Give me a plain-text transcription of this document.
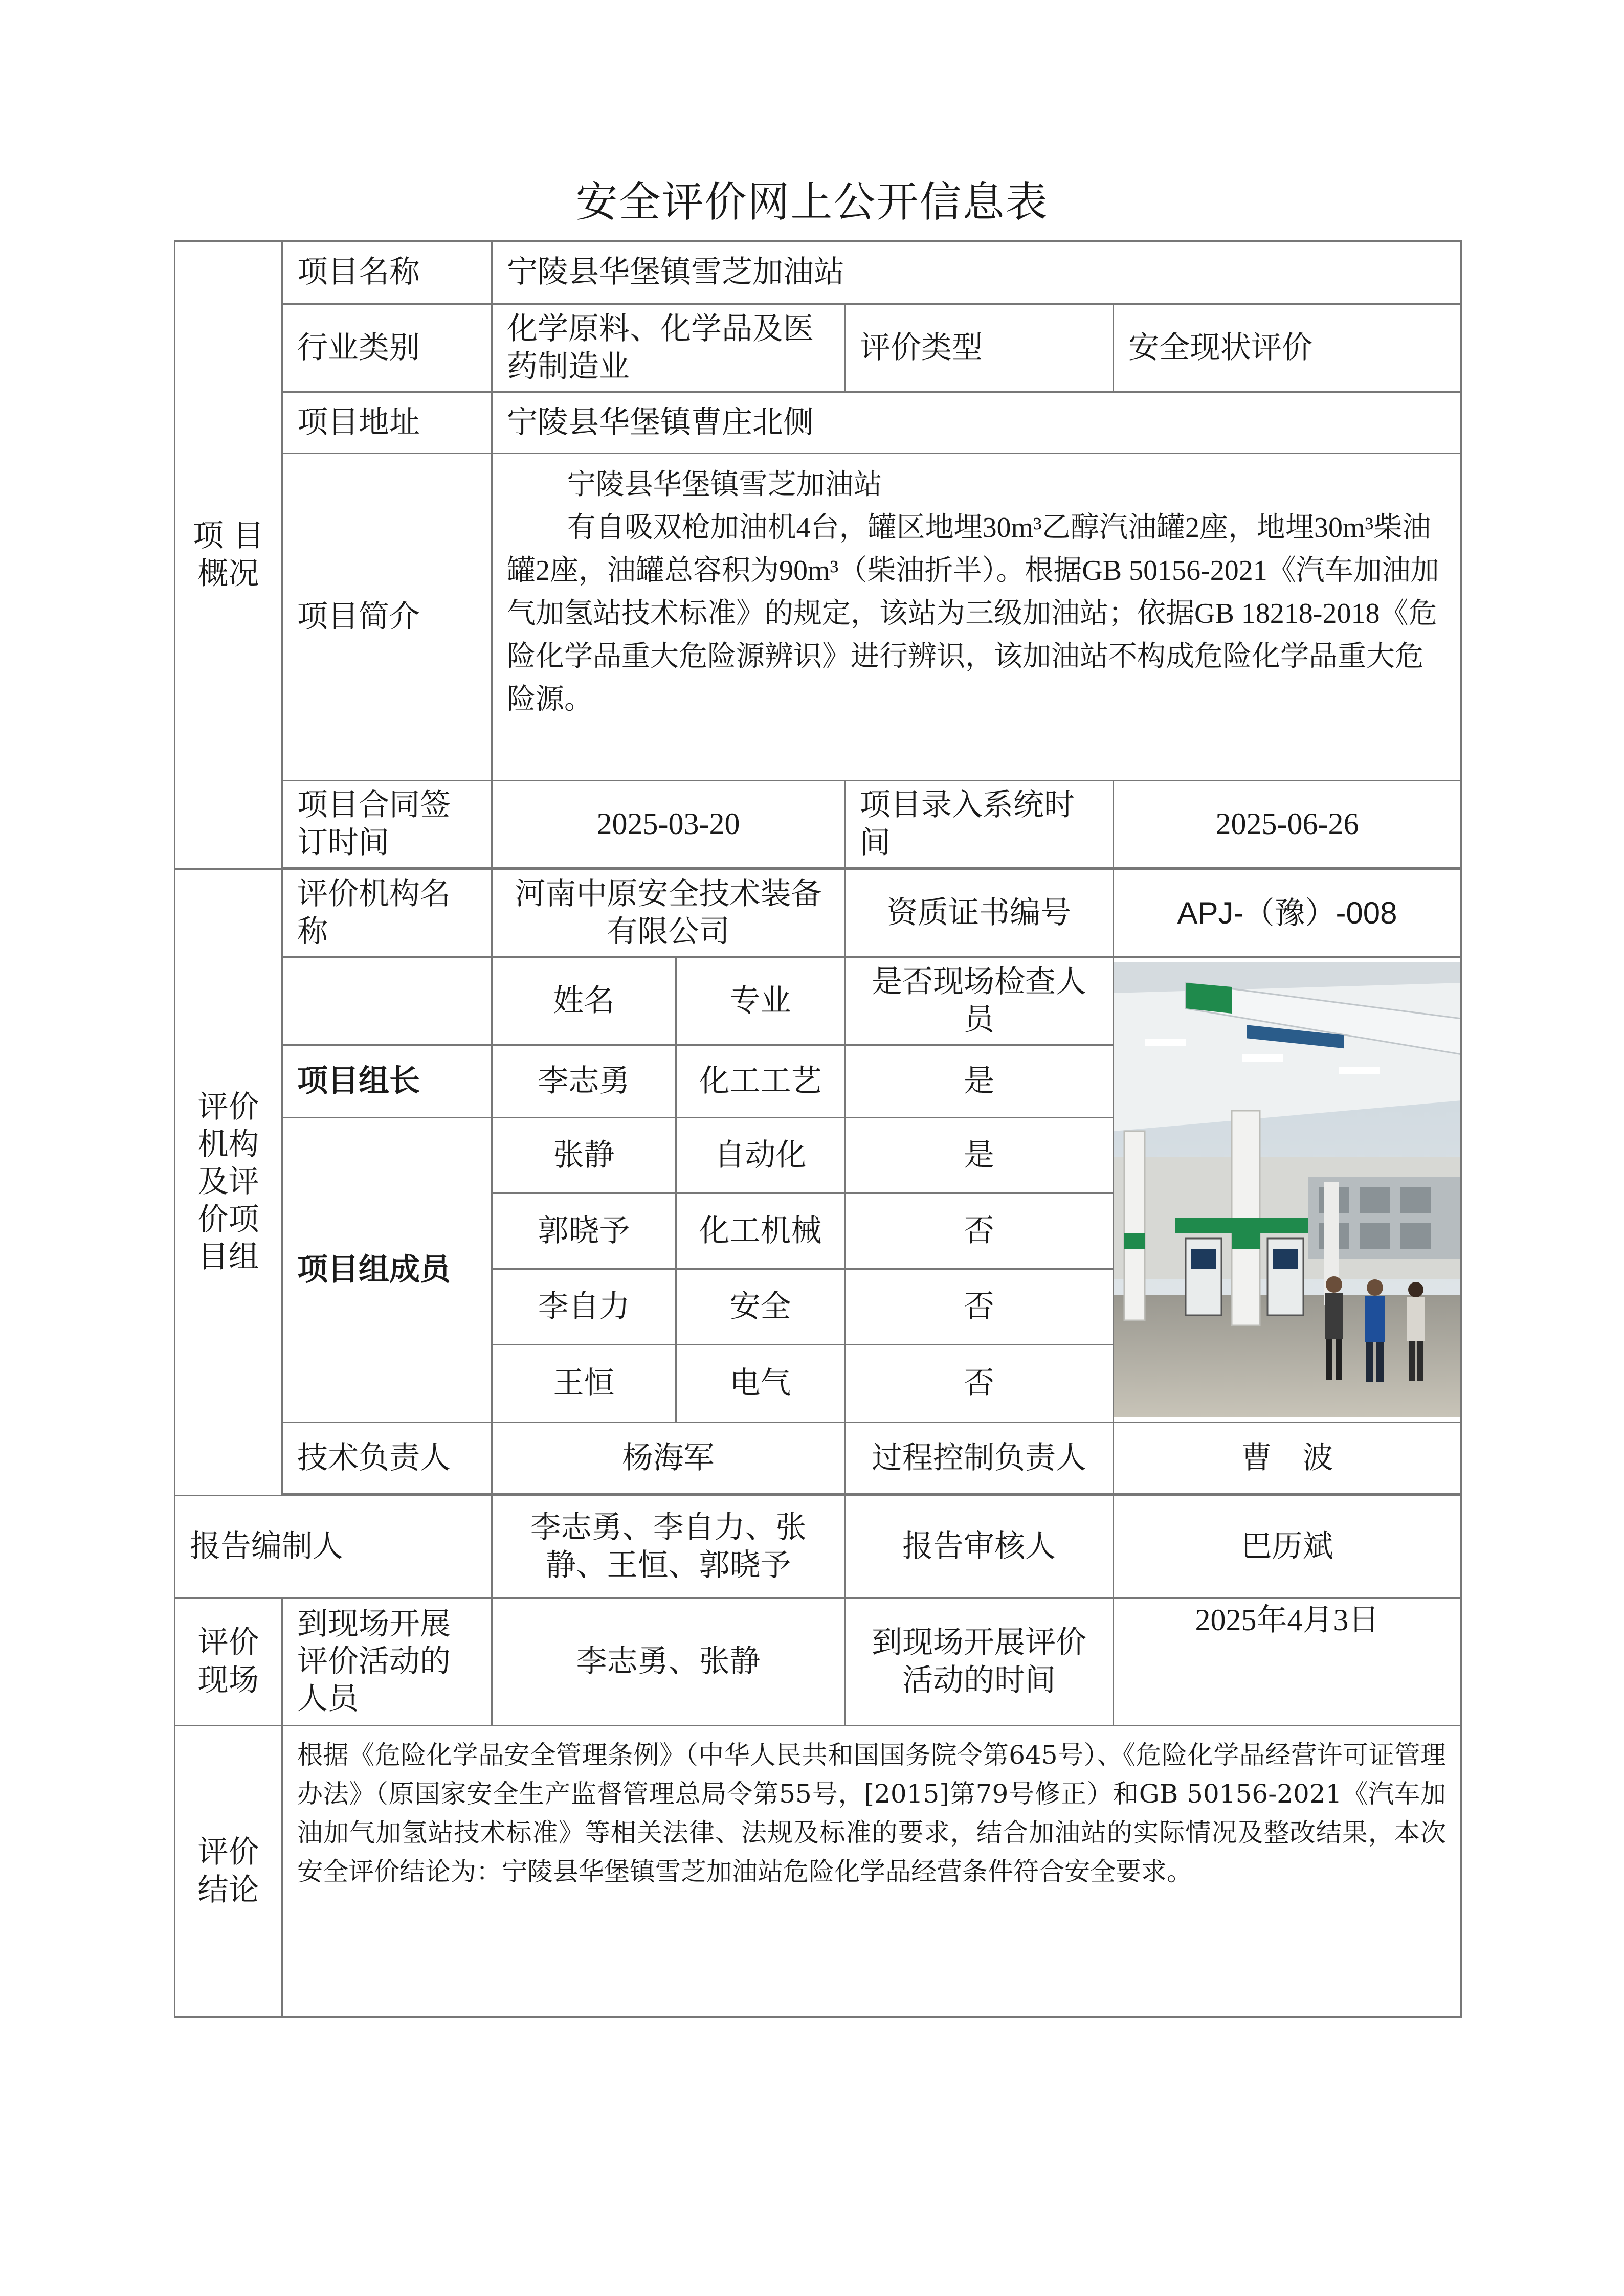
安全评价网上公开信息表
项 目
概况	项目名称	宁陵县华堡镇雪芝加油站			
	行业类别	化学原料、化学品及医药制造业		评价类型	安全现状评价
	项目地址	宁陵县华堡镇曹庄北侧			
	项目简介	宁陵县华堡镇雪芝加油站

有自吸双枪加油机4台，罐区地埋30m³乙醇汽油罐2座，地埋30m³柴油罐2座，油罐总容积为90m³（柴油折半）。根据GB 50156-2021《汽车加油加气加氢站技术标准》的规定，该站为三级加油站；依据GB 18218-2018《危险化学品重大危险源辨识》进行辨识，该加油站不构成危险化学品重大危险源。			

	项目合同签订时间	2025-03-20		项目录入系统时间	2025-06-26

评价
机构
及评
价项
目组	评价机构名称	河南中原安全技术装备有限公司		资质证书编号	APJ-（豫）-008
		姓名	专业	是否现场检查人员	

	项目组长	李志勇	化工工艺	是	
	项目组成员	张静	自动化	是	
		郭晓予	化工机械	否	
		李自力	安全	否	
		王恒	电气	否	
	技术负责人	杨海军		过程控制负责人	曹　波

报告编制人		李志勇、李自力、张静、王恒、郭晓予		报告审核人	巴历斌
评价
现场	到现场开展评价活动的人员	李志勇、张静		到现场开展评价活动的时间	2025年4月3日
评价
结论	根据《危险化学品安全管理条例》（中华人民共和国国务院令第645号）、《危险化学品经营许可证管理办法》（原国家安全生产监督管理总局令第55号，[2015]第79号修正）和GB 50156-2021《汽车加油加气加氢站技术标准》等相关法律、法规及标准的要求，结合加油站的实际情况及整改结果，本次安全评价结论为：宁陵县华堡镇雪芝加油站危险化学品经营条件符合安全要求。				
